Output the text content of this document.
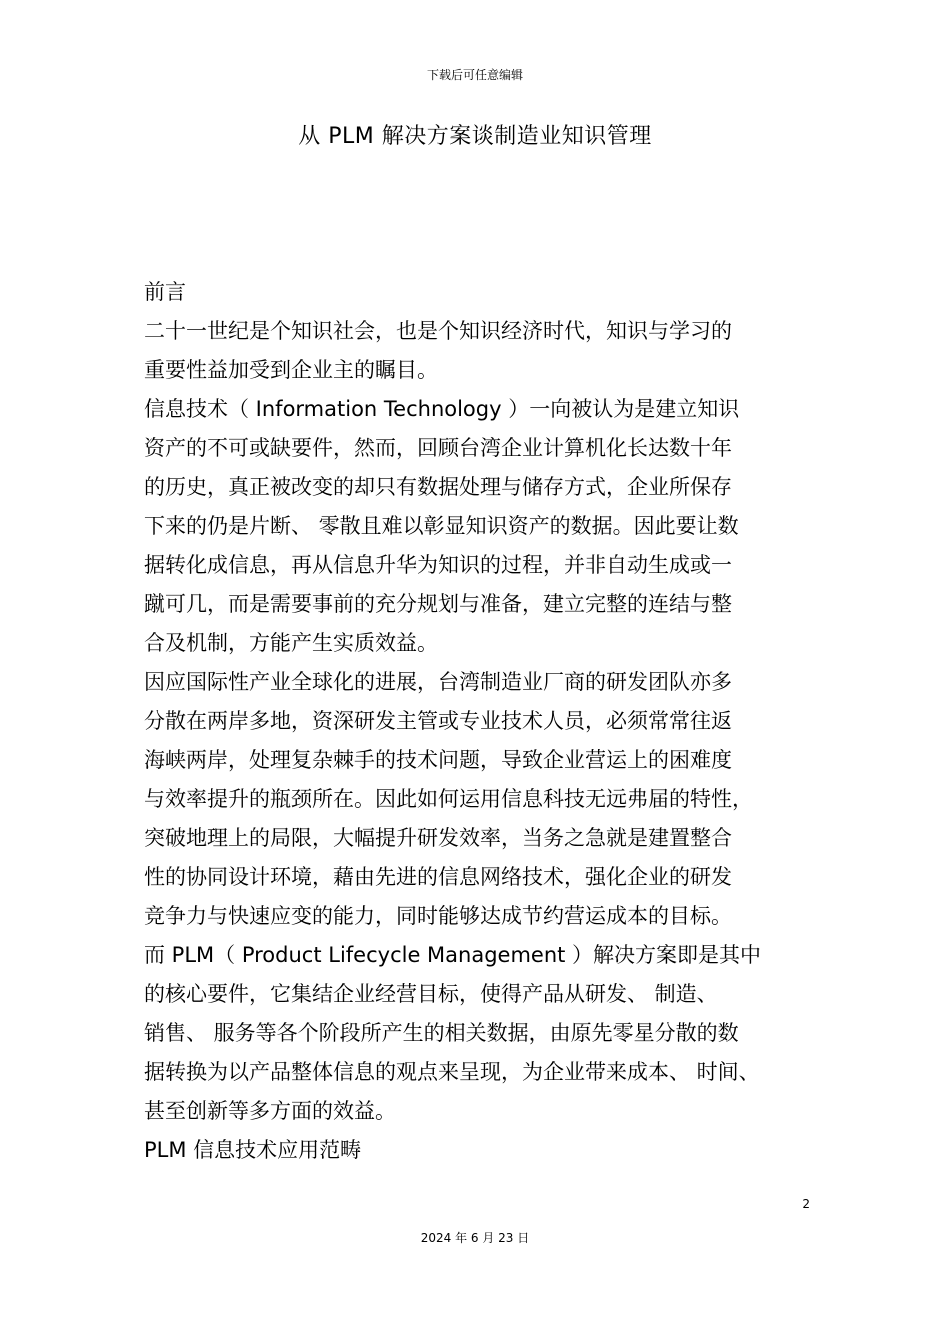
下载后可任意编辑
从 PLM 解决方案谈制造业知识管理
前言
二十一世纪是个知识社会，也是个知识经济时代，知识与学习的
重要性益加受到企业主的瞩目。
信息技术（ Information Technology ）一向被认为是建立知识
资产的不可或缺要件，然而，回顾台湾企业计算机化长达数十年
的历史，真正被改变的却只有数据处理与储存方式，企业所保存
下来的仍是片断、 零散且难以彰显知识资产的数据。因此要让数
据转化成信息，再从信息升华为知识的过程，并非自动生成或一
蹴可几，而是需要事前的充分规划与准备，建立完整的连结与整
合及机制，方能产生实质效益。
因应国际性产业全球化的进展，台湾制造业厂商的研发团队亦多
分散在两岸多地，资深研发主管或专业技术人员，必须常常往返
海峡两岸，处理复杂棘手的技术问题，导致企业营运上的困难度
与效率提升的瓶颈所在。因此如何运用信息科技无远弗届的特性，
突破地理上的局限，大幅提升研发效率，当务之急就是建置整合
性的协同设计环境，藉由先进的信息网络技术，强化企业的研发
竞争力与快速应变的能力，同时能够达成节约营运成本的目标。
而 PLM（ Product Lifecycle Management ）解决方案即是其中
的核心要件，它集结企业经营目标，使得产品从研发、 制造、
销售、 服务等各个阶段所产生的相关数据，由原先零星分散的数
据转换为以产品整体信息的观点来呈现，为企业带来成本、 时间、
甚至创新等多方面的效益。
PLM 信息技术应用范畴
2
2024 年 6 月 23 日
